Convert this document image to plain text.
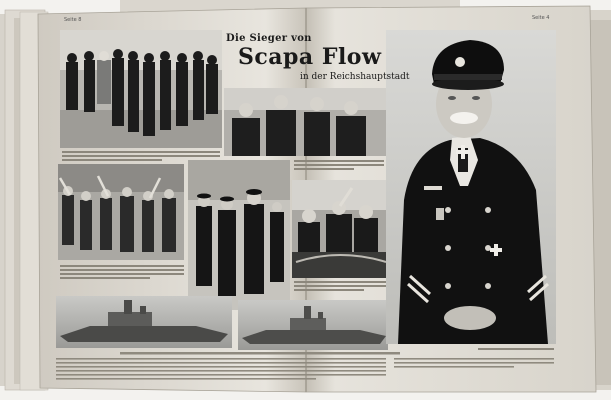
Seite 8	Seite 4
Die Sieger von
Scapa Flow
in der Reichshauptstadt
